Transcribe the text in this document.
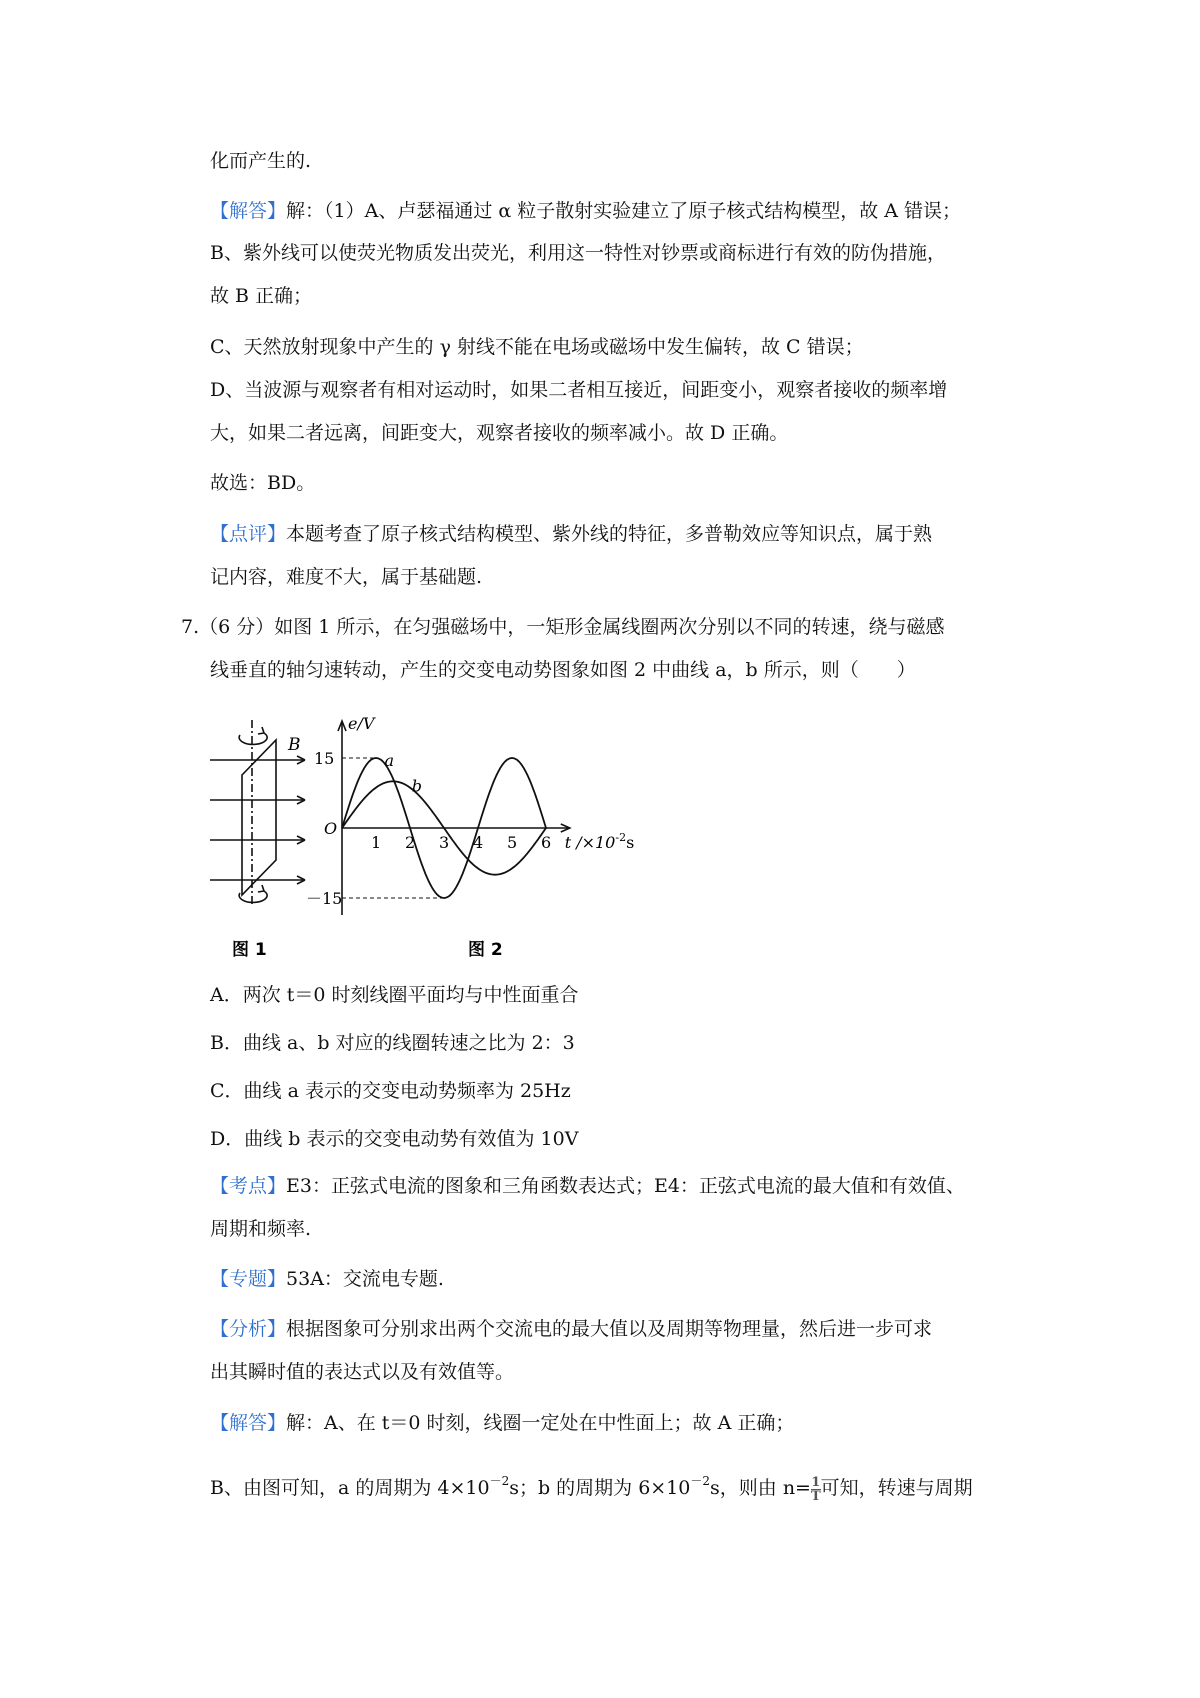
化而产生的.
【解答】解：（1）A、卢瑟福通过 α 粒子散射实验建立了原子核式结构模型，故 A 错误；
B、紫外线可以使荧光物质发出荧光，利用这一特性对钞票或商标进行有效的防伪措施，
故 B 正确；
C、天然放射现象中产生的 γ 射线不能在电场或磁场中发生偏转，故 C 错误；
D、当波源与观察者有相对运动时，如果二者相互接近，间距变小，观察者接收的频率增
大，如果二者远离，间距变大，观察者接收的频率减小。故 D 正确。
故选：BD。
【点评】本题考查了原子核式结构模型、紫外线的特征，多普勒效应等知识点，属于熟
记内容，难度不大，属于基础题.
7.（6 分）如图 1 所示，在匀强磁场中，一矩形金属线圈两次分别以不同的转速，绕与磁感
线垂直的轴匀速转动，产生的交变电动势图象如图 2 中曲线 a，b 所示，则（　　）
B
图 1
1 2 3 4 5 6
e/V
t $/\times 10^{-2}s$
O
15
－15
a
b
图 2
A．两次 t＝0 时刻线圈平面均与中性面重合
B．曲线 a、b 对应的线圈转速之比为 2：3
C．曲线 a 表示的交变电动势频率为 25Hz
D．曲线 b 表示的交变电动势有效值为 10V
【考点】E3：正弦式电流的图象和三角函数表达式；E4：正弦式电流的最大值和有效值、
周期和频率.
【专题】53A：交流电专题.
【分析】根据图象可分别求出两个交流电的最大值以及周期等物理量，然后进一步可求
出其瞬时值的表达式以及有效值等。
【解答】解：A、在 t＝0 时刻，线圈一定处在中性面上；故 A 正确；
B、由图可知，a 的周期为 $4\times 10^{-2}s$；b 的周期为 $6\times 10^{-2}s$，则由 $n= \frac{1}{T}$ 可知，转速与周期
